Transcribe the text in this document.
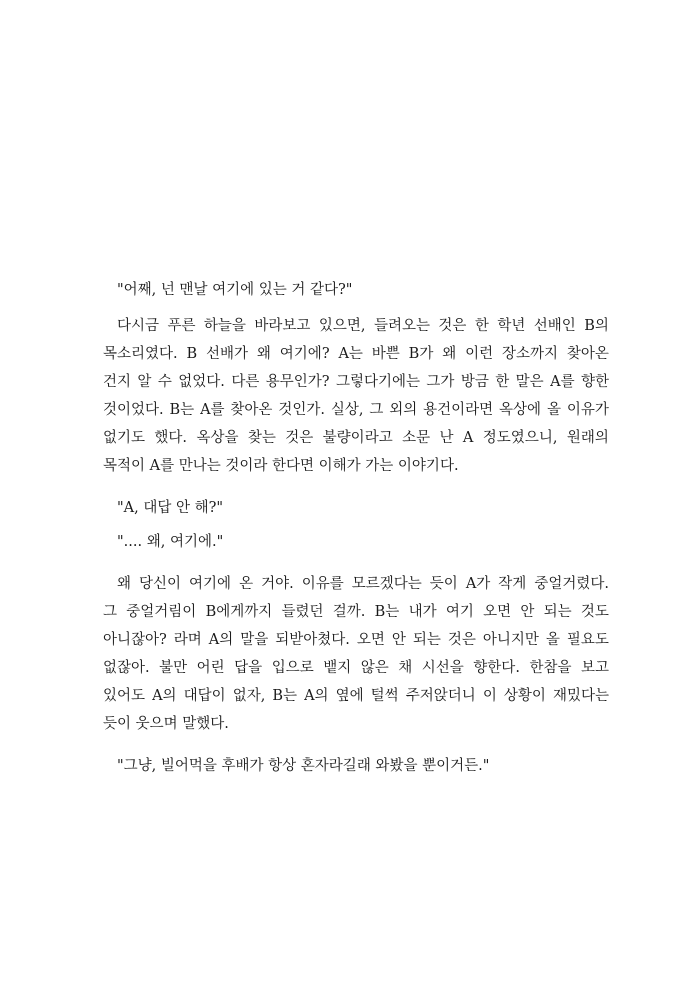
"어째, 넌 맨날 여기에 있는 거 같다?"

다시금 푸른 하늘을 바라보고 있으면, 들려오는 것은 한 학년 선배인 B의
목소리였다. B 선배가 왜 여기에? A는 바쁜 B가 왜 이런 장소까지 찾아온
건지 알 수 없었다. 다른 용무인가? 그렇다기에는 그가 방금 한 말은 A를 향한
것이었다. B는 A를 찾아온 것인가. 실상, 그 외의 용건이라면 옥상에 올 이유가
없기도 했다. 옥상을 찾는 것은 불량이라고 소문 난 A 정도였으니, 원래의
목적이 A를 만나는 것이라 한다면 이해가 가는 이야기다.

"A, 대답 안 해?"

".... 왜, 여기에."

왜 당신이 여기에 온 거야. 이유를 모르겠다는 듯이 A가 작게 중얼거렸다.
그 중얼거림이 B에게까지 들렸던 걸까. B는 내가 여기 오면 안 되는 것도
아니잖아? 라며 A의 말을 되받아쳤다. 오면 안 되는 것은 아니지만 올 필요도
없잖아. 불만 어린 답을 입으로 뱉지 않은 채 시선을 향한다. 한참을 보고
있어도 A의 대답이 없자, B는 A의 옆에 털썩 주저앉더니 이 상황이 재밌다는
듯이 웃으며 말했다.

"그냥, 빌어먹을 후배가 항상 혼자라길래 와봤을 뿐이거든."
